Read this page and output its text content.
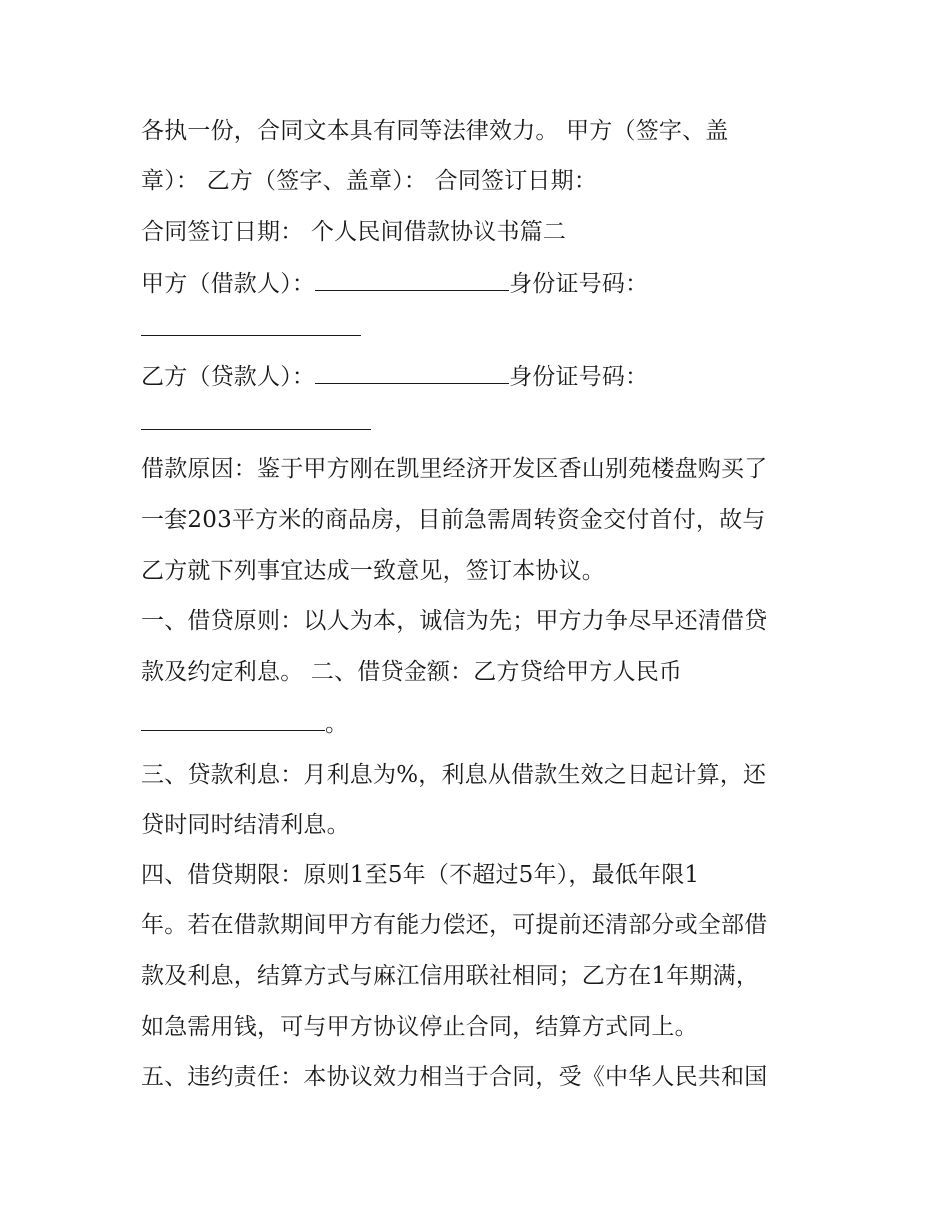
各执一份，合同文本具有同等法律效力。 甲方（签字、盖
章）： 乙方（签字、盖章）： 合同签订日期：
合同签订日期： 个人民间借款协议书篇二
甲方（借款人）：	身份证号码：
乙方（贷款人）：	身份证号码：
借款原因：鉴于甲方刚在凯里经济开发区香山别苑楼盘购买了
一套203平方米的商品房，目前急需周转资金交付首付，故与
乙方就下列事宜达成一致意见，签订本协议。
一、借贷原则：以人为本，诚信为先；甲方力争尽早还清借贷
款及约定利息。 二、借贷金额：乙方贷给甲方人民币
。
三、贷款利息：月利息为%，利息从借款生效之日起计算，还
贷时同时结清利息。
四、借贷期限：原则1至5年（不超过5年），最低年限1
年。若在借款期间甲方有能力偿还，可提前还清部分或全部借
款及利息，结算方式与麻江信用联社相同；乙方在1年期满，
如急需用钱，可与甲方协议停止合同，结算方式同上。
五、违约责任：本协议效力相当于合同，受《中华人民共和国
